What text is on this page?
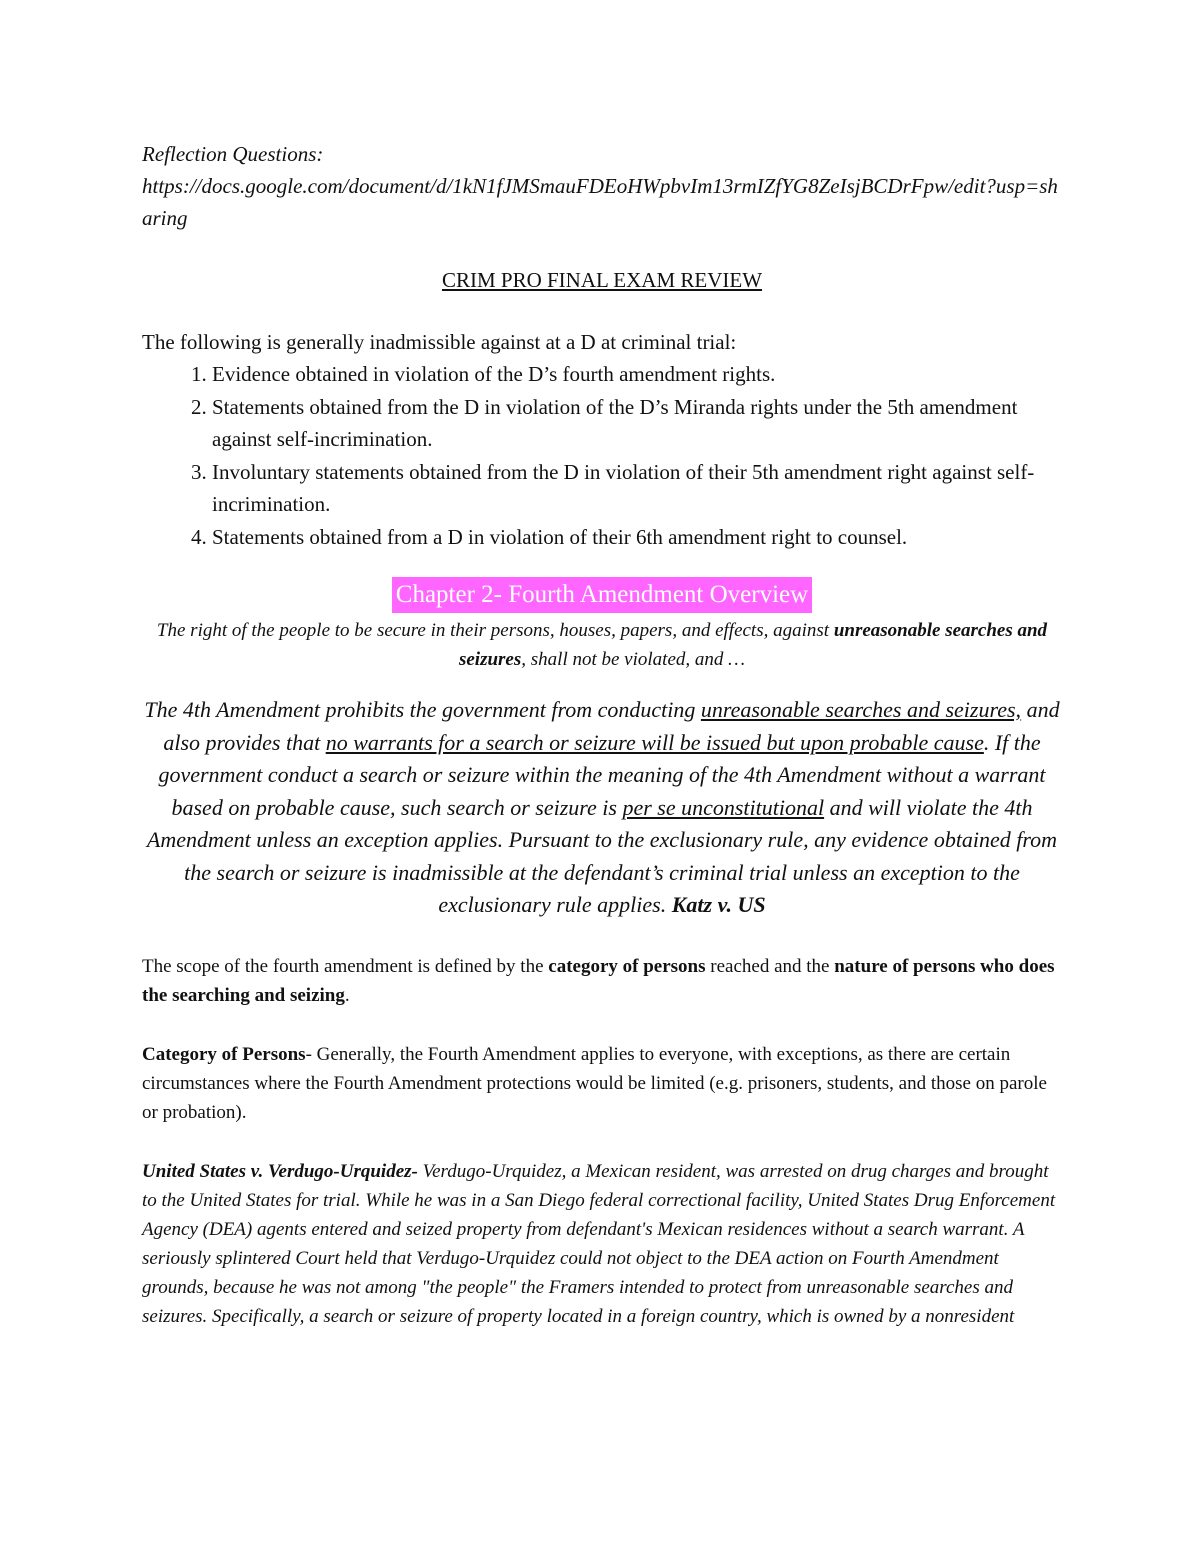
Reflection Questions:
https://docs.google.com/document/d/1kN1fJMSmauFDEoHWpbvIm13rmIZfYG8ZeIsjBCDrFpw/edit?usp=sharing

CRIM PRO FINAL EXAM REVIEW

The following is generally inadmissible against at a D at criminal trial:

1. Evidence obtained in violation of the D’s fourth amendment rights.
2. Statements obtained from the D in violation of the D’s Miranda rights under the 5th amendment against self-incrimination.
3. Involuntary statements obtained from the D in violation of their 5th amendment right against self-incrimination.
4. Statements obtained from a D in violation of their 6th amendment right to counsel.
Chapter 2- Fourth Amendment Overview

The right of the people to be secure in their persons, houses, papers, and effects, against unreasonable searches and seizures, shall not be violated, and …

The 4th Amendment prohibits the government from conducting unreasonable searches and seizures, and also provides that no warrants for a search or seizure will be issued but upon probable cause. If the government conduct a search or seizure within the meaning of the 4th Amendment without a warrant based on probable cause, such search or seizure is per se unconstitutional and will violate the 4th Amendment unless an exception applies. Pursuant to the exclusionary rule, any evidence obtained from the search or seizure is inadmissible at the defendant’s criminal trial unless an exception to the exclusionary rule applies. Katz v. US

The scope of the fourth amendment is defined by the category of persons reached and the nature of persons who does the searching and seizing.

Category of Persons- Generally, the Fourth Amendment applies to everyone, with exceptions, as there are certain circumstances where the Fourth Amendment protections would be limited (e.g. prisoners, students, and those on parole or probation).

United States v. Verdugo-Urquidez- Verdugo-Urquidez, a Mexican resident, was arrested on drug charges and brought to the United States for trial. While he was in a San Diego federal correctional facility, United States Drug Enforcement Agency (DEA) agents entered and seized property from defendant's Mexican residences without a search warrant. A seriously splintered Court held that Verdugo-Urquidez could not object to the DEA action on Fourth Amendment grounds, because he was not among "the people" the Framers intended to protect from unreasonable searches and seizures. Specifically, a search or seizure of property located in a foreign country, which is owned by a nonresident
